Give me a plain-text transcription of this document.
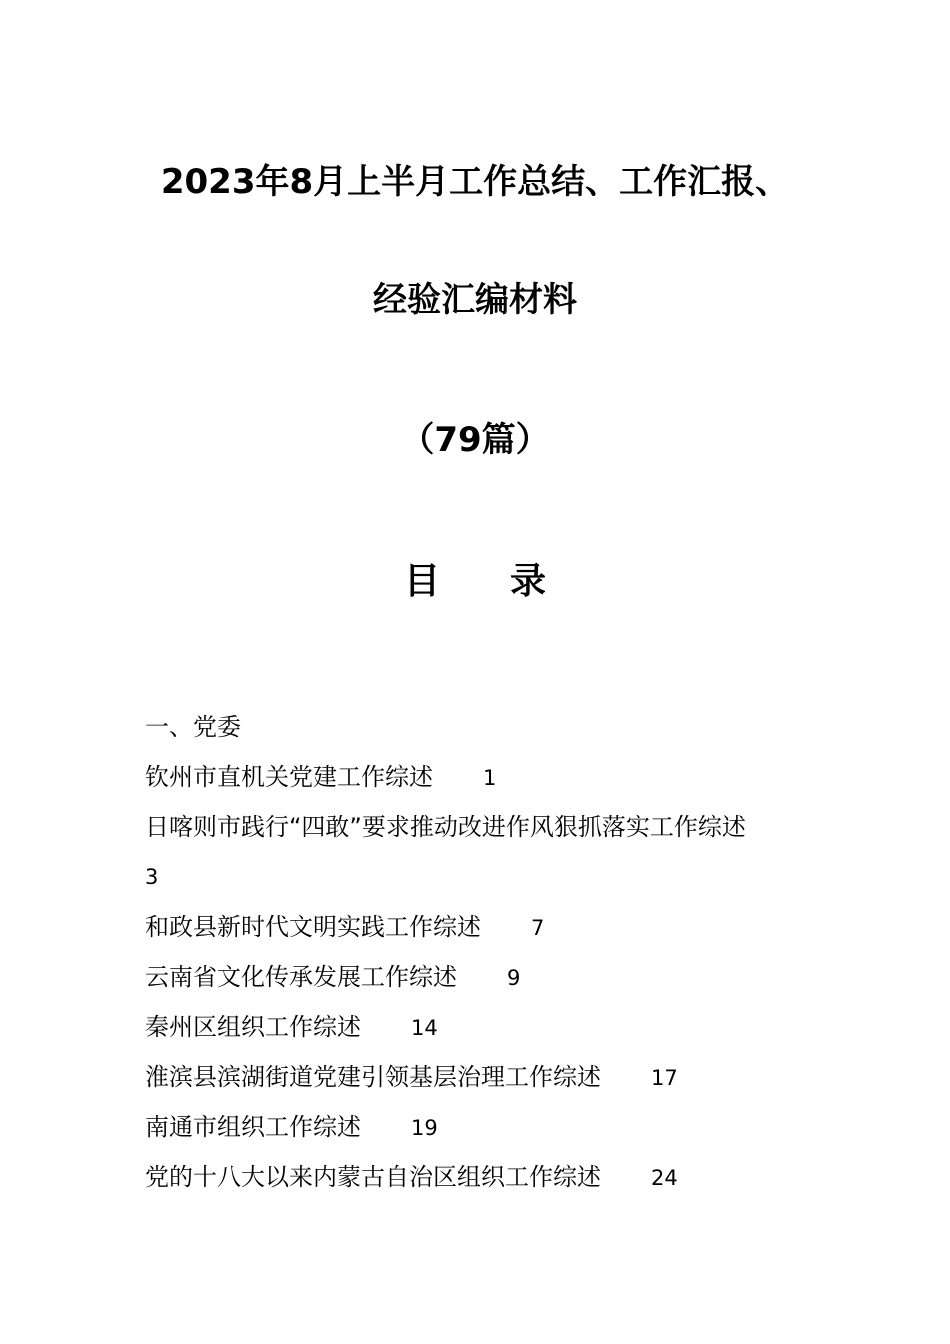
2023年8月上半月工作总结、工作汇报、
经验汇编材料
（79篇）
目录
一、党委
钦州市直机关党建工作综述 1
日喀则市践行“四敢”要求推动改进作风狠抓落实工作综述
3
和政县新时代文明实践工作综述 7
云南省文化传承发展工作综述 9
秦州区组织工作综述 14
淮滨县滨湖街道党建引领基层治理工作综述 17
南通市组织工作综述 19
党的十八大以来内蒙古自治区组织工作综述 24
